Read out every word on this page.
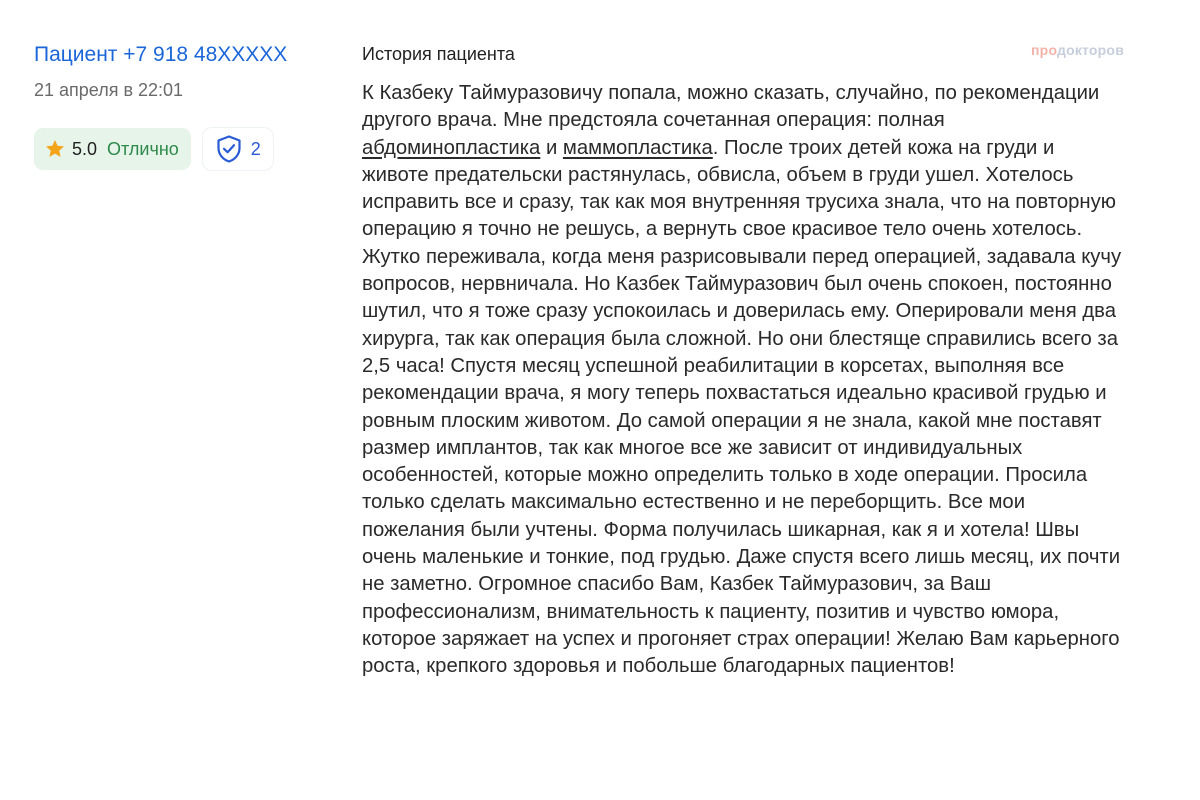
Пациент +7 918 48XXXXX
21 апреля в 22:01
5.0 Отлично	2
продокторов
История пациента
К Казбеку Таймуразовичу попала, можно сказать, случайно, по рекомендации другого врача. Мне предстояла сочетанная операция: полная абдоминопластика и маммопластика. После троих детей кожа на груди и животе предательски растянулась, обвисла, объем в груди ушел. Хотелось исправить все и сразу, так как моя внутренняя трусиха знала, что на повторную операцию я точно не решусь, а вернуть свое красивое тело очень хотелось. Жутко переживала, когда меня разрисовывали перед операцией, задавала кучу вопросов, нервничала. Но Казбек Таймуразович был очень спокоен, постоянно шутил, что я тоже сразу успокоилась и доверилась ему. Оперировали меня два хирурга, так как операция была сложной. Но они блестяще справились всего за 2,5 часа! Спустя месяц успешной реабилитации в корсетах, выполняя все рекомендации врача, я могу теперь похвастаться идеально красивой грудью и ровным плоским животом. До самой операции я не знала, какой мне поставят размер имплантов, так как многое все же зависит от индивидуальных особенностей, которые можно определить только в ходе операции. Просила только сделать максимально естественно и не переборщить. Все мои пожелания были учтены. Форма получилась шикарная, как я и хотела! Швы очень маленькие и тонкие, под грудью. Даже спустя всего лишь месяц, их почти не заметно. Огромное спасибо Вам, Казбек Таймуразович, за Ваш профессионализм, внимательность к пациенту, позитив и чувство юмора, которое заряжает на успех и прогоняет страх операции! Желаю Вам карьерного роста, крепкого здоровья и побольше благодарных пациентов!
